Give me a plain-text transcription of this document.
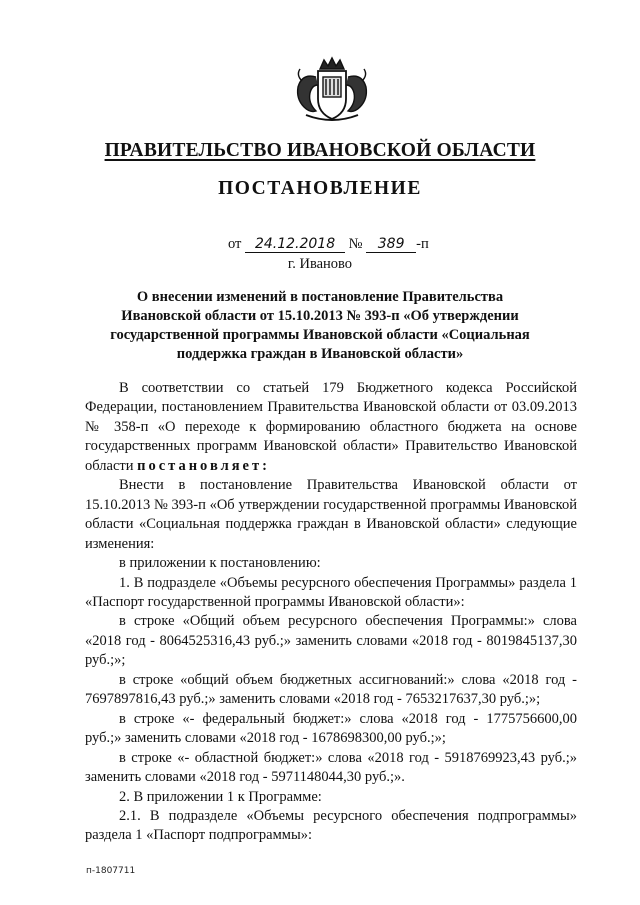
ПРАВИТЕЛЬСТВО ИВАНОВСКОЙ ОБЛАСТИ
ПОСТАНОВЛЕНИЕ
от 24.12.2018 № 389 -п
г. Иваново
О внесении изменений в постановление Правительства Ивановской области от 15.10.2013 № 393-п «Об утверждении государственной программы Ивановской области «Социальная поддержка граждан в Ивановской области»

В соответствии со статьей 179 Бюджетного кодекса Российской Федерации, постановлением Правительства Ивановской области от 03.09.2013 № 358-п «О переходе к формированию областного бюджета на основе государственных программ Ивановской области» Правительство Ивановской области постановляет:

Внести в постановление Правительства Ивановской области от 15.10.2013 № 393-п «Об утверждении государственной программы Ивановской области «Социальная поддержка граждан в Ивановской области» следующие изменения:

в приложении к постановлению:

1. В подразделе «Объемы ресурсного обеспечения Программы» раздела 1 «Паспорт государственной программы Ивановской области»:

в строке «Общий объем ресурсного обеспечения Программы:» слова «2018 год - 8064525316,43 руб.;» заменить словами «2018 год - 8019845137,30 руб.;»;

в строке «общий объем бюджетных ассигнований:» слова «2018 год - 7697897816,43 руб.;» заменить словами «2018 год - 7653217637,30 руб.;»;

в строке «- федеральный бюджет:» слова «2018 год - 1775756600,00 руб.;» заменить словами «2018 год - 1678698300,00 руб.;»;

в строке «- областной бюджет:» слова «2018 год - 5918769923,43 руб.;» заменить словами «2018 год - 5971148044,30 руб.;».

2. В приложении 1 к Программе:

2.1. В подразделе «Объемы ресурсного обеспечения подпрограммы» раздела 1 «Паспорт подпрограммы»:

п-1807711
